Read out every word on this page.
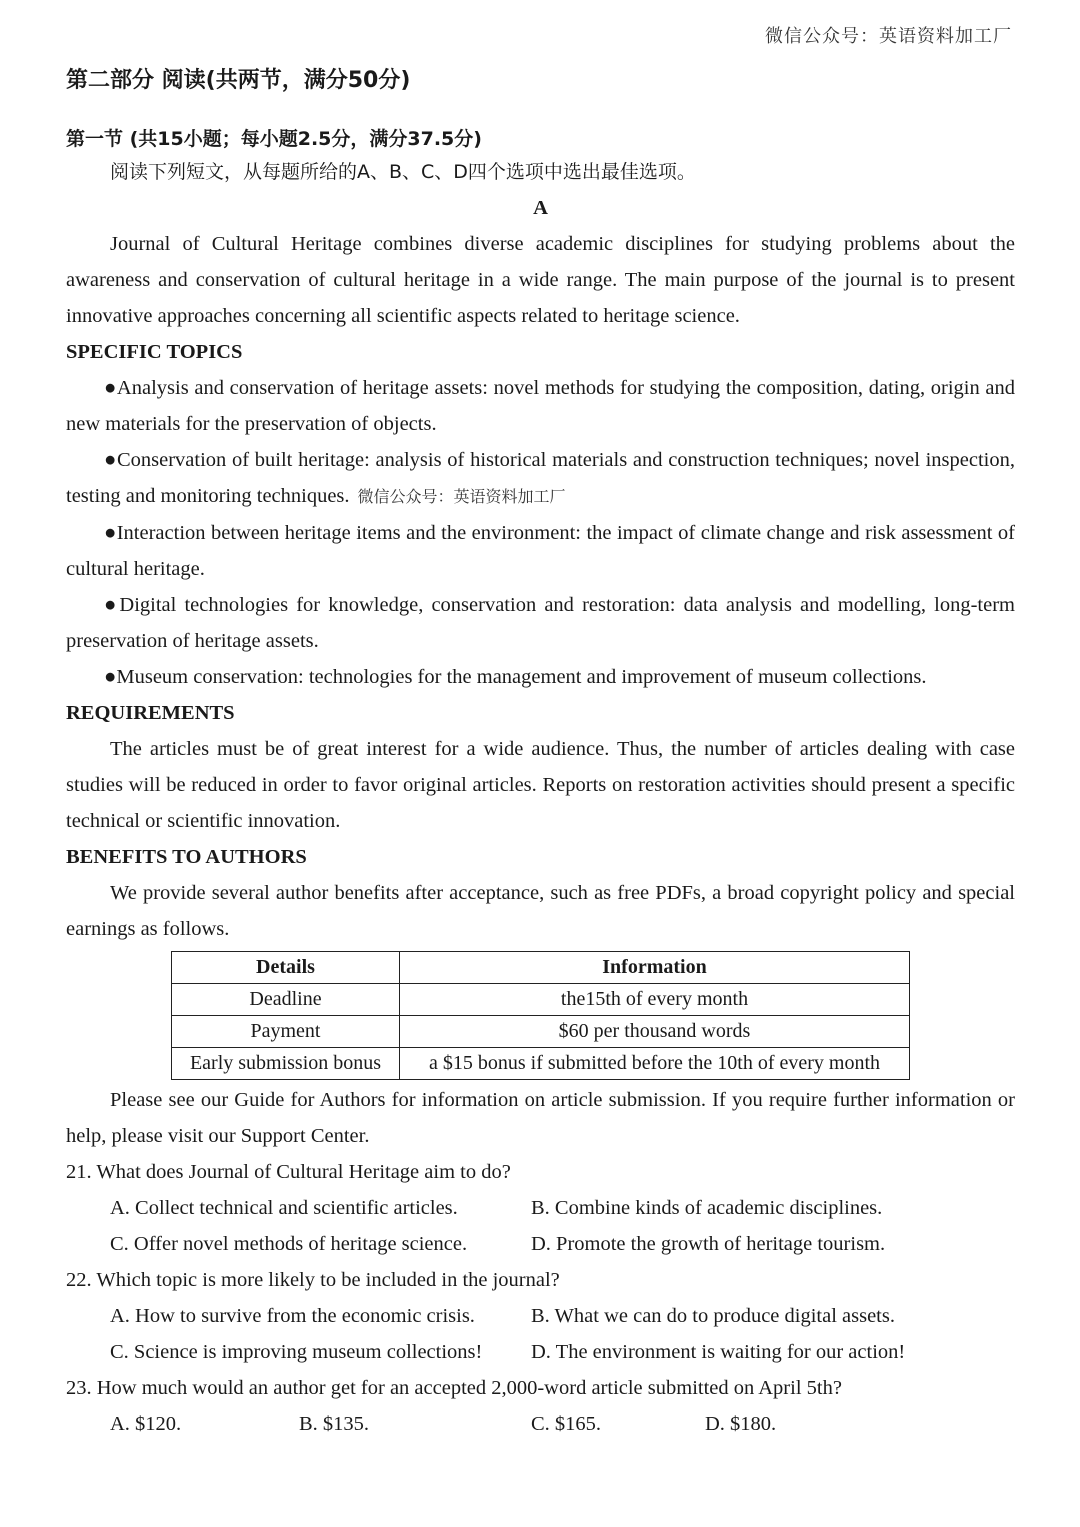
微信公众号：英语资料加工厂
第二部分 阅读(共两节，满分50分)
第一节 (共15小题；每小题2.5分，满分37.5分)
阅读下列短文，从每题所给的A、B、C、D四个选项中选出最佳选项。
A

Journal of Cultural Heritage combines diverse academic disciplines for studying problems about the awareness and conservation of cultural heritage in a wide range. The main purpose of the journal is to present innovative approaches concerning all scientific aspects related to heritage science.

SPECIFIC TOPICS

●Analysis and conservation of heritage assets: novel methods for studying the composition, dating, origin and new materials for the preservation of objects.

●Conservation of built heritage: analysis of historical materials and construction techniques; novel inspection, testing and monitoring techniques. 微信公众号：英语资料加工厂

●Interaction between heritage items and the environment: the impact of climate change and risk assessment of cultural heritage.

●Digital technologies for knowledge, conservation and restoration: data analysis and modelling, long-term preservation of heritage assets.

●Museum conservation: technologies for the management and improvement of museum collections.

REQUIREMENTS

The articles must be of great interest for a wide audience. Thus, the number of articles dealing with case studies will be reduced in order to favor original articles. Reports on restoration activities should present a specific technical or scientific innovation.

BENEFITS TO AUTHORS

We provide several author benefits after acceptance, such as free PDFs, a broad copyright policy and special earnings as follows.

Details	Information
Deadline	the15th of every month
Payment	$60 per thousand words
Early submission bonus	a $15 bonus if submitted before the 10th of every month

Please see our Guide for Authors for information on article submission. If you require further information or help, please visit our Support Center.

21. What does Journal of Cultural Heritage aim to do?
A. Collect technical and scientific articles.	B. Combine kinds of academic disciplines.
C. Offer novel methods of heritage science.	D. Promote the growth of heritage tourism.
22. Which topic is more likely to be included in the journal?
A. How to survive from the economic crisis.	B. What we can do to produce digital assets.
C. Science is improving museum collections!	D. The environment is waiting for our action!
23. How much would an author get for an accepted 2,000-word article submitted on April 5th?
A. $120.	B. $135.	C. $165.	D. $180.
